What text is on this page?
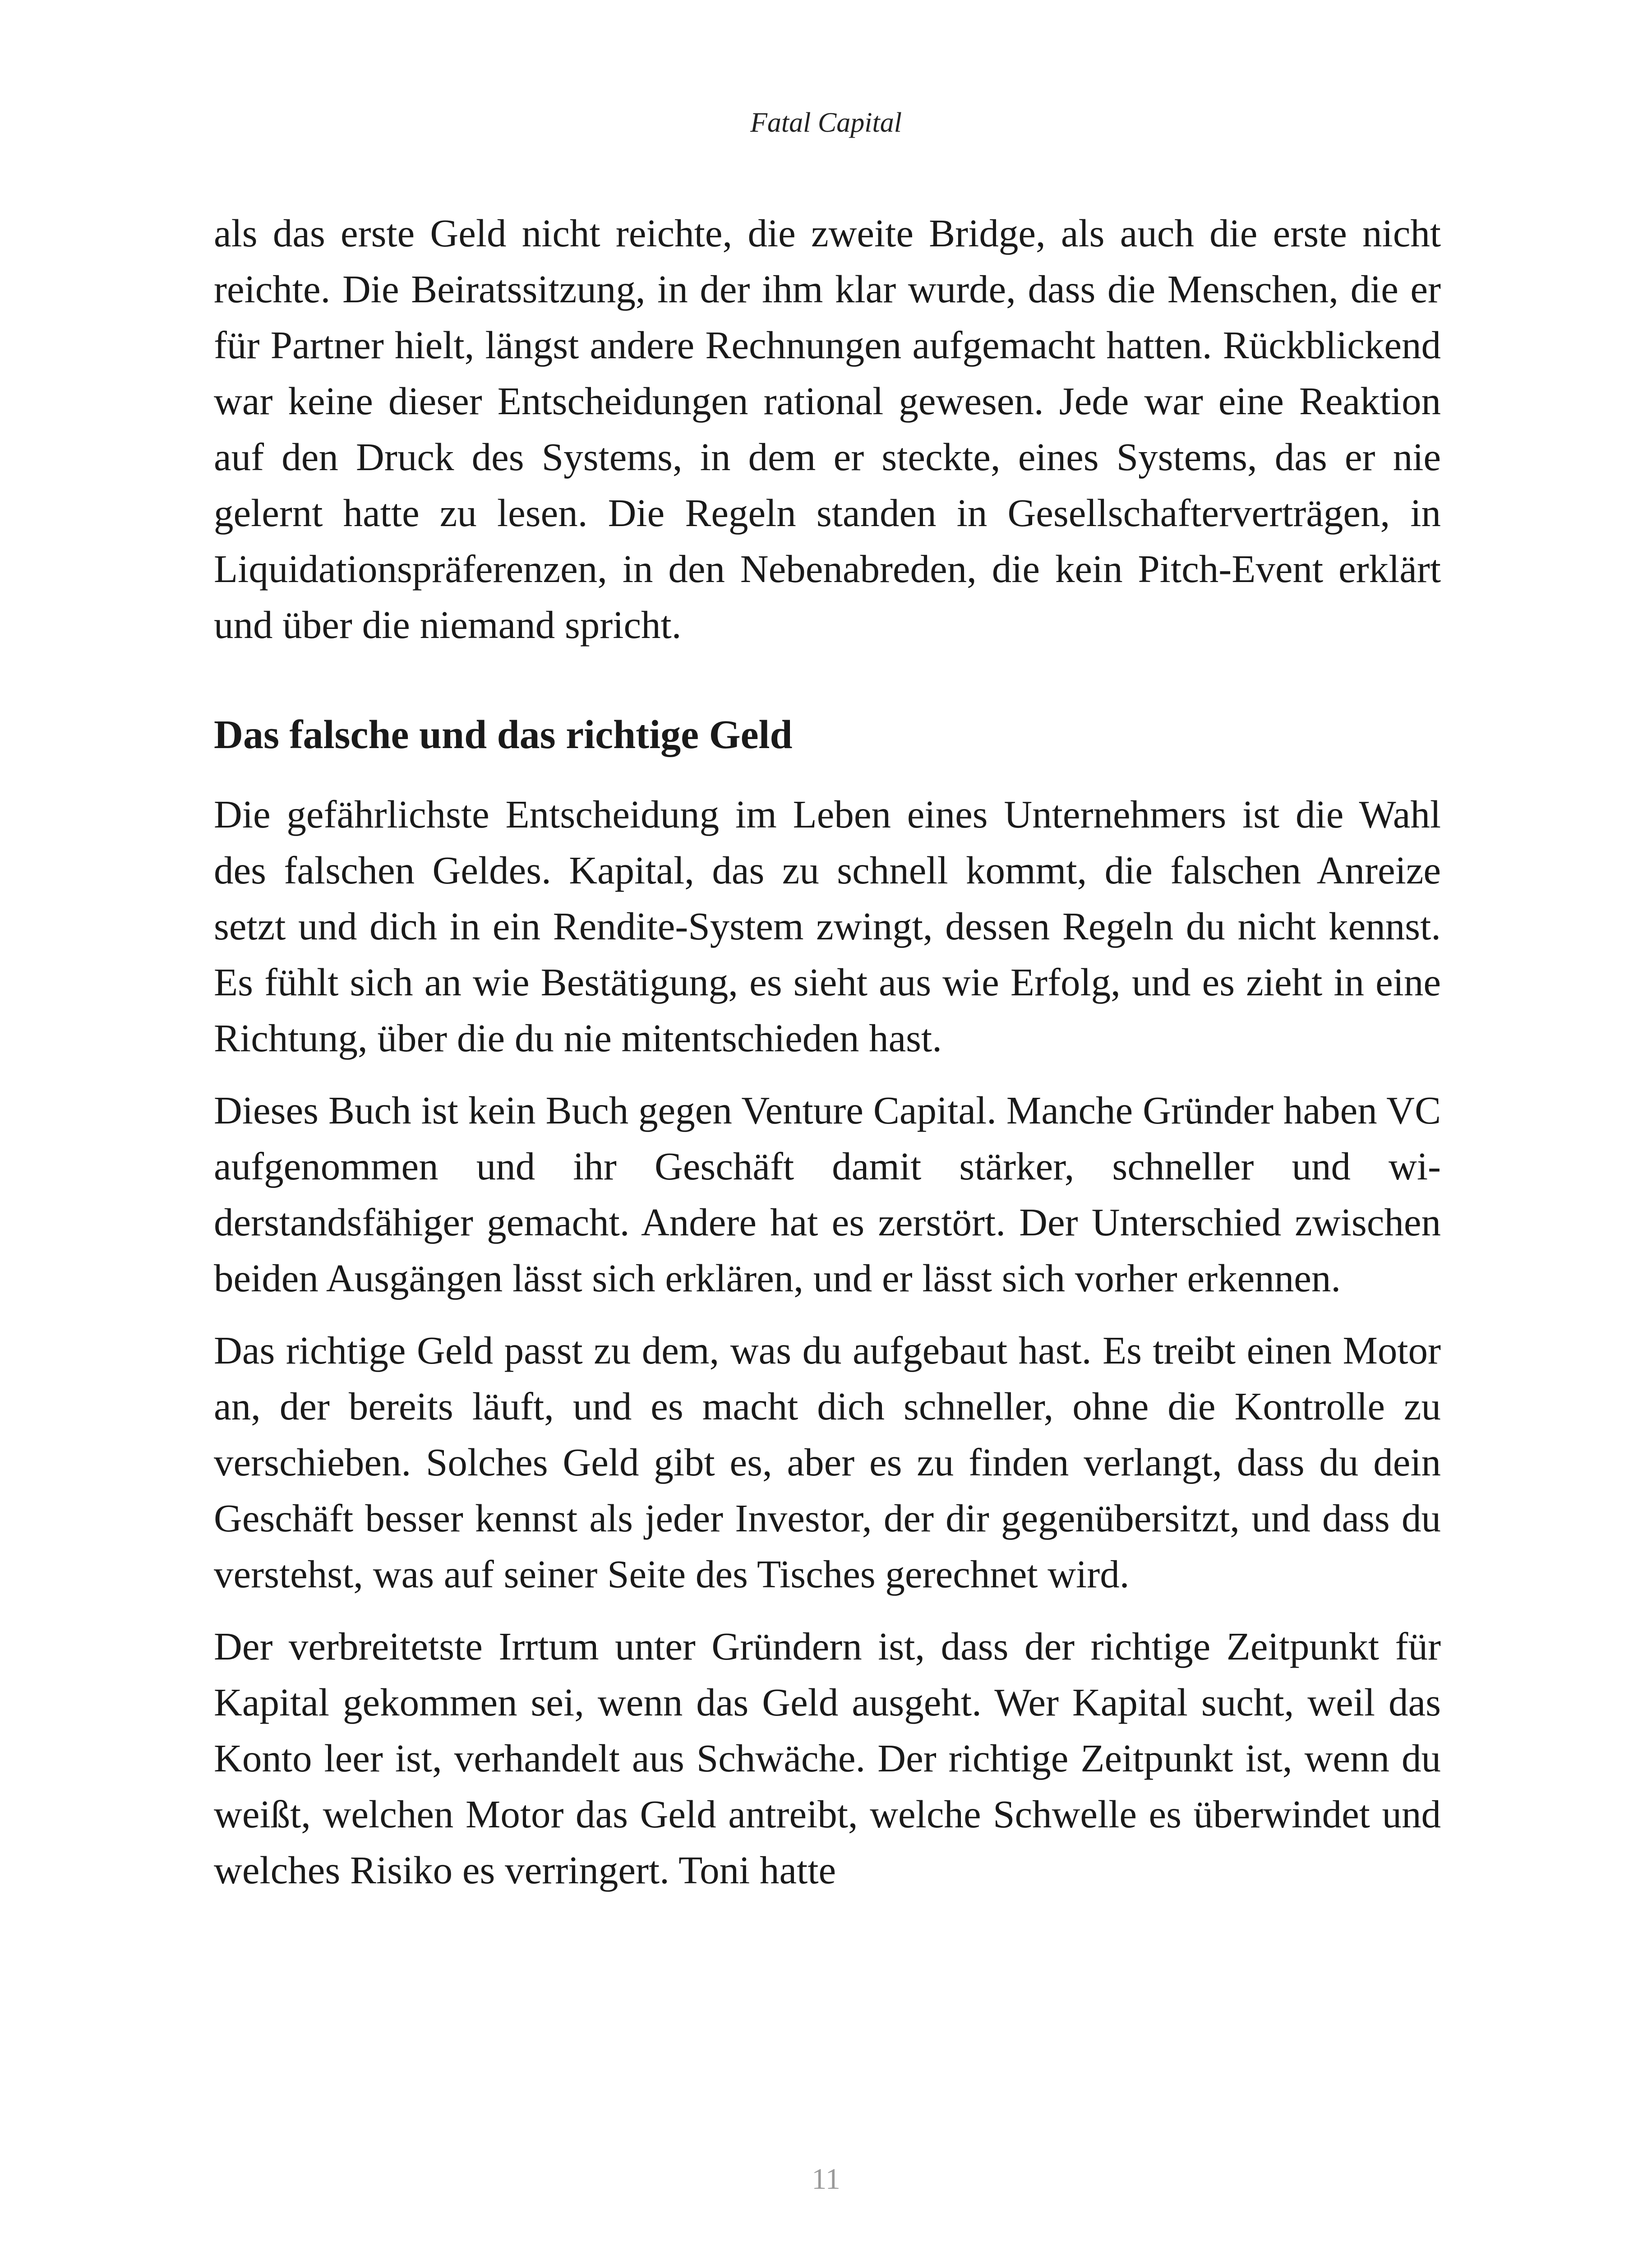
Fatal Capital

als das erste Geld nicht reichte, die zweite Bridge, als auch die erste nicht reichte. Die Beiratssitzung, in der ihm klar wurde, dass die Menschen, die er für Partner hielt, längst andere Rechnungen aufgemacht hatten. Rückblickend war keine dieser Entscheidungen rational gewesen. Jede war eine Reaktion auf den Druck des Systems, in dem er steckte, eines Systems, das er nie gelernt hatte zu lesen. Die Regeln standen in Gesellschafterverträgen, in Liquidationspräferenzen, in den Nebenabreden, die kein Pitch-Event erklärt und über die niemand spricht.

Das falsche und das richtige Geld

Die gefährlichste Entscheidung im Leben eines Unternehmers ist die Wahl des falschen Geldes. Kapital, das zu schnell kommt, die falschen Anreize setzt und dich in ein Rendite-System zwingt, dessen Regeln du nicht kennst. Es fühlt sich an wie Bestätigung, es sieht aus wie Erfolg, und es zieht in eine Richtung, über die du nie mitentschieden hast.

Dieses Buch ist kein Buch gegen Venture Capital. Manche Gründer haben VC aufgenommen und ihr Geschäft damit stärker, schneller und widerstandsfähiger gemacht. Andere hat es zerstört. Der Unterschied zwischen beiden Ausgängen lässt sich erklären, und er lässt sich vorher erkennen.

Das richtige Geld passt zu dem, was du aufgebaut hast. Es treibt einen Motor an, der bereits läuft, und es macht dich schneller, ohne die Kontrolle zu verschieben. Solches Geld gibt es, aber es zu finden verlangt, dass du dein Geschäft besser kennst als jeder Investor, der dir gegenübersitzt, und dass du verstehst, was auf seiner Seite des Tisches gerechnet wird.

Der verbreitetste Irrtum unter Gründern ist, dass der richtige Zeitpunkt für Kapital gekommen sei, wenn das Geld ausgeht. Wer Kapital sucht, weil das Konto leer ist, verhandelt aus Schwäche. Der richtige Zeitpunkt ist, wenn du weißt, welchen Motor das Geld antreibt, welche Schwelle es überwindet und welches Risiko es verringert. Toni hatte

11
